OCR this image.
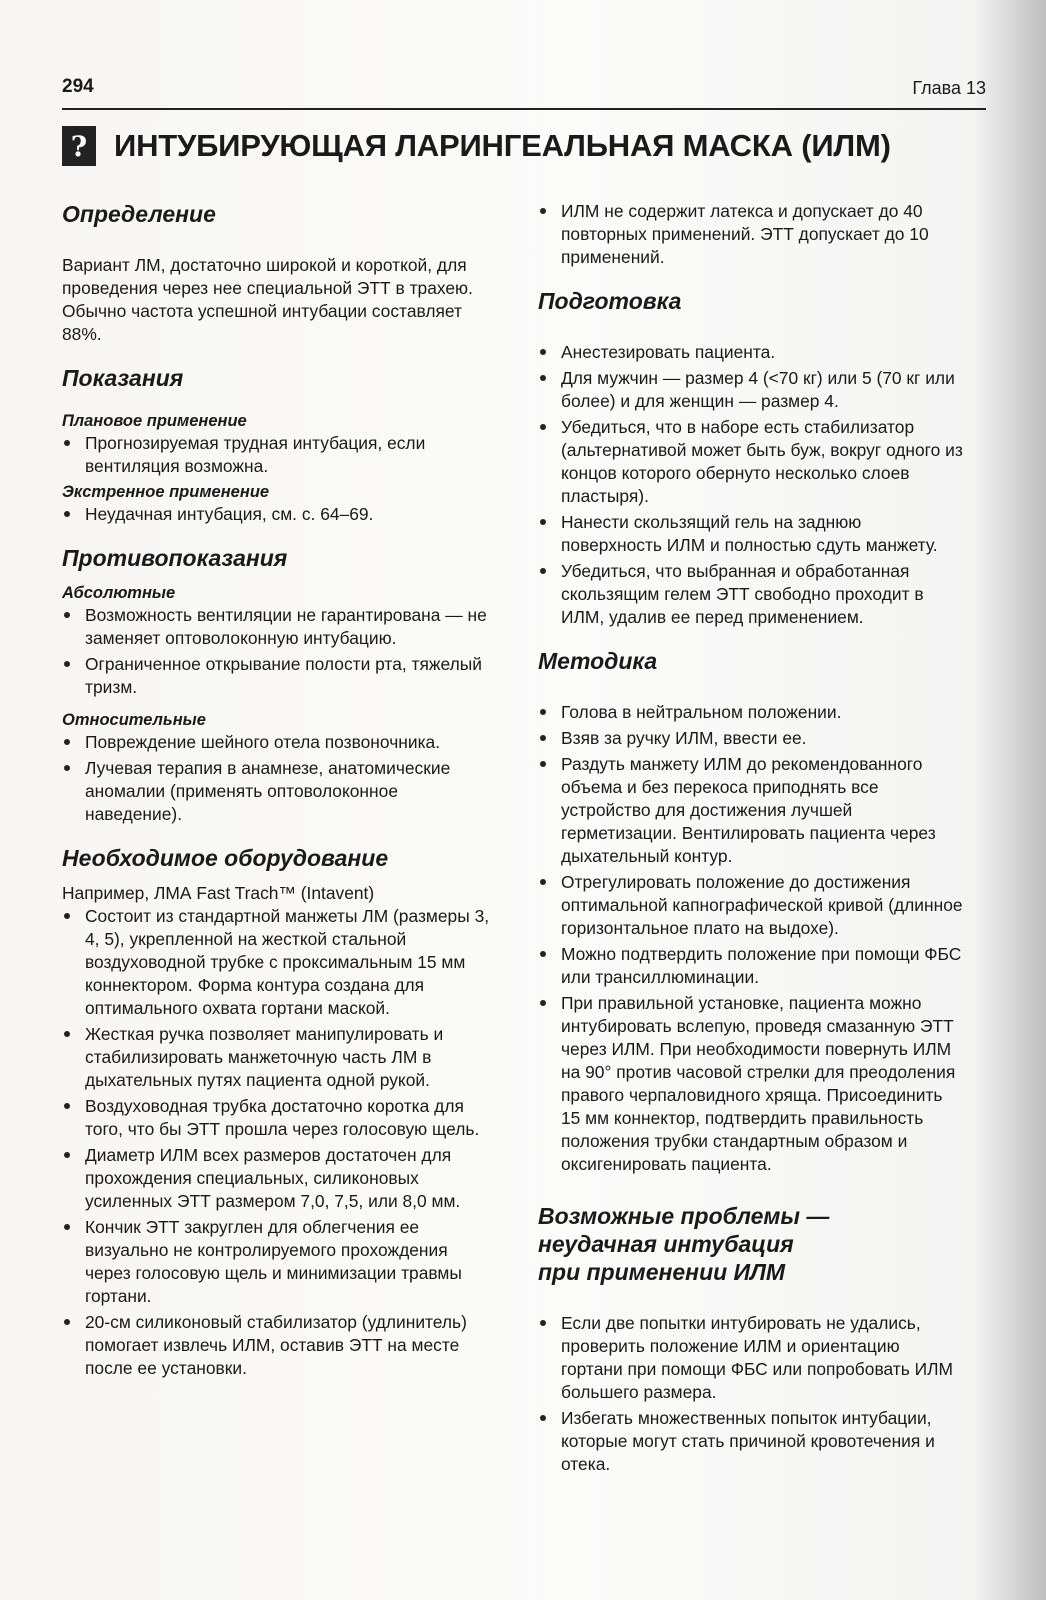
294	Глава 13
? ИНТУБИРУЮЩАЯ ЛАРИНГЕАЛЬНАЯ МАСКА (ИЛМ)
Определение

Вариант ЛМ, достаточно широкой и короткой, для проведения через нее специальной ЭТТ в трахею. Обычно частота успешной интубации составляет 88%.

Показания
Плановое применение
Прогнозируемая трудная интубация, если вентиляция возможна.
Экстренное применение
Неудачная интубация, см. с. 64–69.
Противопоказания
Абсолютные
Возможность вентиляции не гарантирована — не заменяет оптоволоконную интубацию.
Ограниченное открывание полости рта, тяжелый тризм.
Относительные
Повреждение шейного отела позвоночника.
Лучевая терапия в анамнезе, анатомические аномалии (применять оптоволоконное наведение).
Необходимое оборудование

Например, ЛМА Fast Trach™ (Intavent)

Состоит из стандартной манжеты ЛМ (размеры 3, 4, 5), укрепленной на жесткой стальной воздуховодной трубке с проксимальным 15 мм коннектором. Форма контура создана для оптимального охвата гортани маской.
Жесткая ручка позволяет манипулировать и стабилизировать манжеточную часть ЛМ в дыхательных путях пациента одной рукой.
Воздуховодная трубка достаточно коротка для того, что бы ЭТТ прошла через голосовую щель.
Диаметр ИЛМ всех размеров достаточен для прохождения специальных, силиконовых усиленных ЭТТ размером 7,0, 7,5, или 8,0 мм.
Кончик ЭТТ закруглен для облегчения ее визуально не контролируемого прохождения через голосовую щель и минимизации травмы гортани.
20-см силиконовый стабилизатор (удлинитель) помогает извлечь ИЛМ, оставив ЭТТ на месте после ее установки.
ИЛМ не содержит латекса и допускает до 40 повторных применений. ЭТТ допускает до 10 применений.
Подготовка
Анестезировать пациента.
Для мужчин — размер 4 (<70 кг) или 5 (70 кг или более) и для женщин — размер 4.
Убедиться, что в наборе есть стабилизатор (альтернативой может быть буж, вокруг одного из концов которого обернуто несколько слоев пластыря).
Нанести скользящий гель на заднюю поверхность ИЛМ и полностью сдуть манжету.
Убедиться, что выбранная и обработанная скользящим гелем ЭТТ свободно проходит в ИЛМ, удалив ее перед применением.
Методика
Голова в нейтральном положении.
Взяв за ручку ИЛМ, ввести ее.
Раздуть манжету ИЛМ до рекомендованного объема и без перекоса приподнять все устройство для достижения лучшей герметизации. Вентилировать пациента через дыхательный контур.
Отрегулировать положение до достижения оптимальной капнографической кривой (длинное горизонтальное плато на выдохе).
Можно подтвердить положение при помощи ФБС или трансиллюминации.
При правильной установке, пациента можно интубировать вслепую, проведя смазанную ЭТТ через ИЛМ. При необходимости повернуть ИЛМ на 90° против часовой стрелки для преодоления правого черпаловидного хряща. Присоединить 15 мм коннектор, подтвердить правильность положения трубки стандартным образом и оксигенировать пациента.
Возможные проблемы —
неудачная интубация
при применении ИЛМ
Если две попытки интубировать не удались, проверить положение ИЛМ и ориентацию гортани при помощи ФБС или попробовать ИЛМ большего размера.
Избегать множественных попыток интубации, которые могут стать причиной кровотечения и отека.
